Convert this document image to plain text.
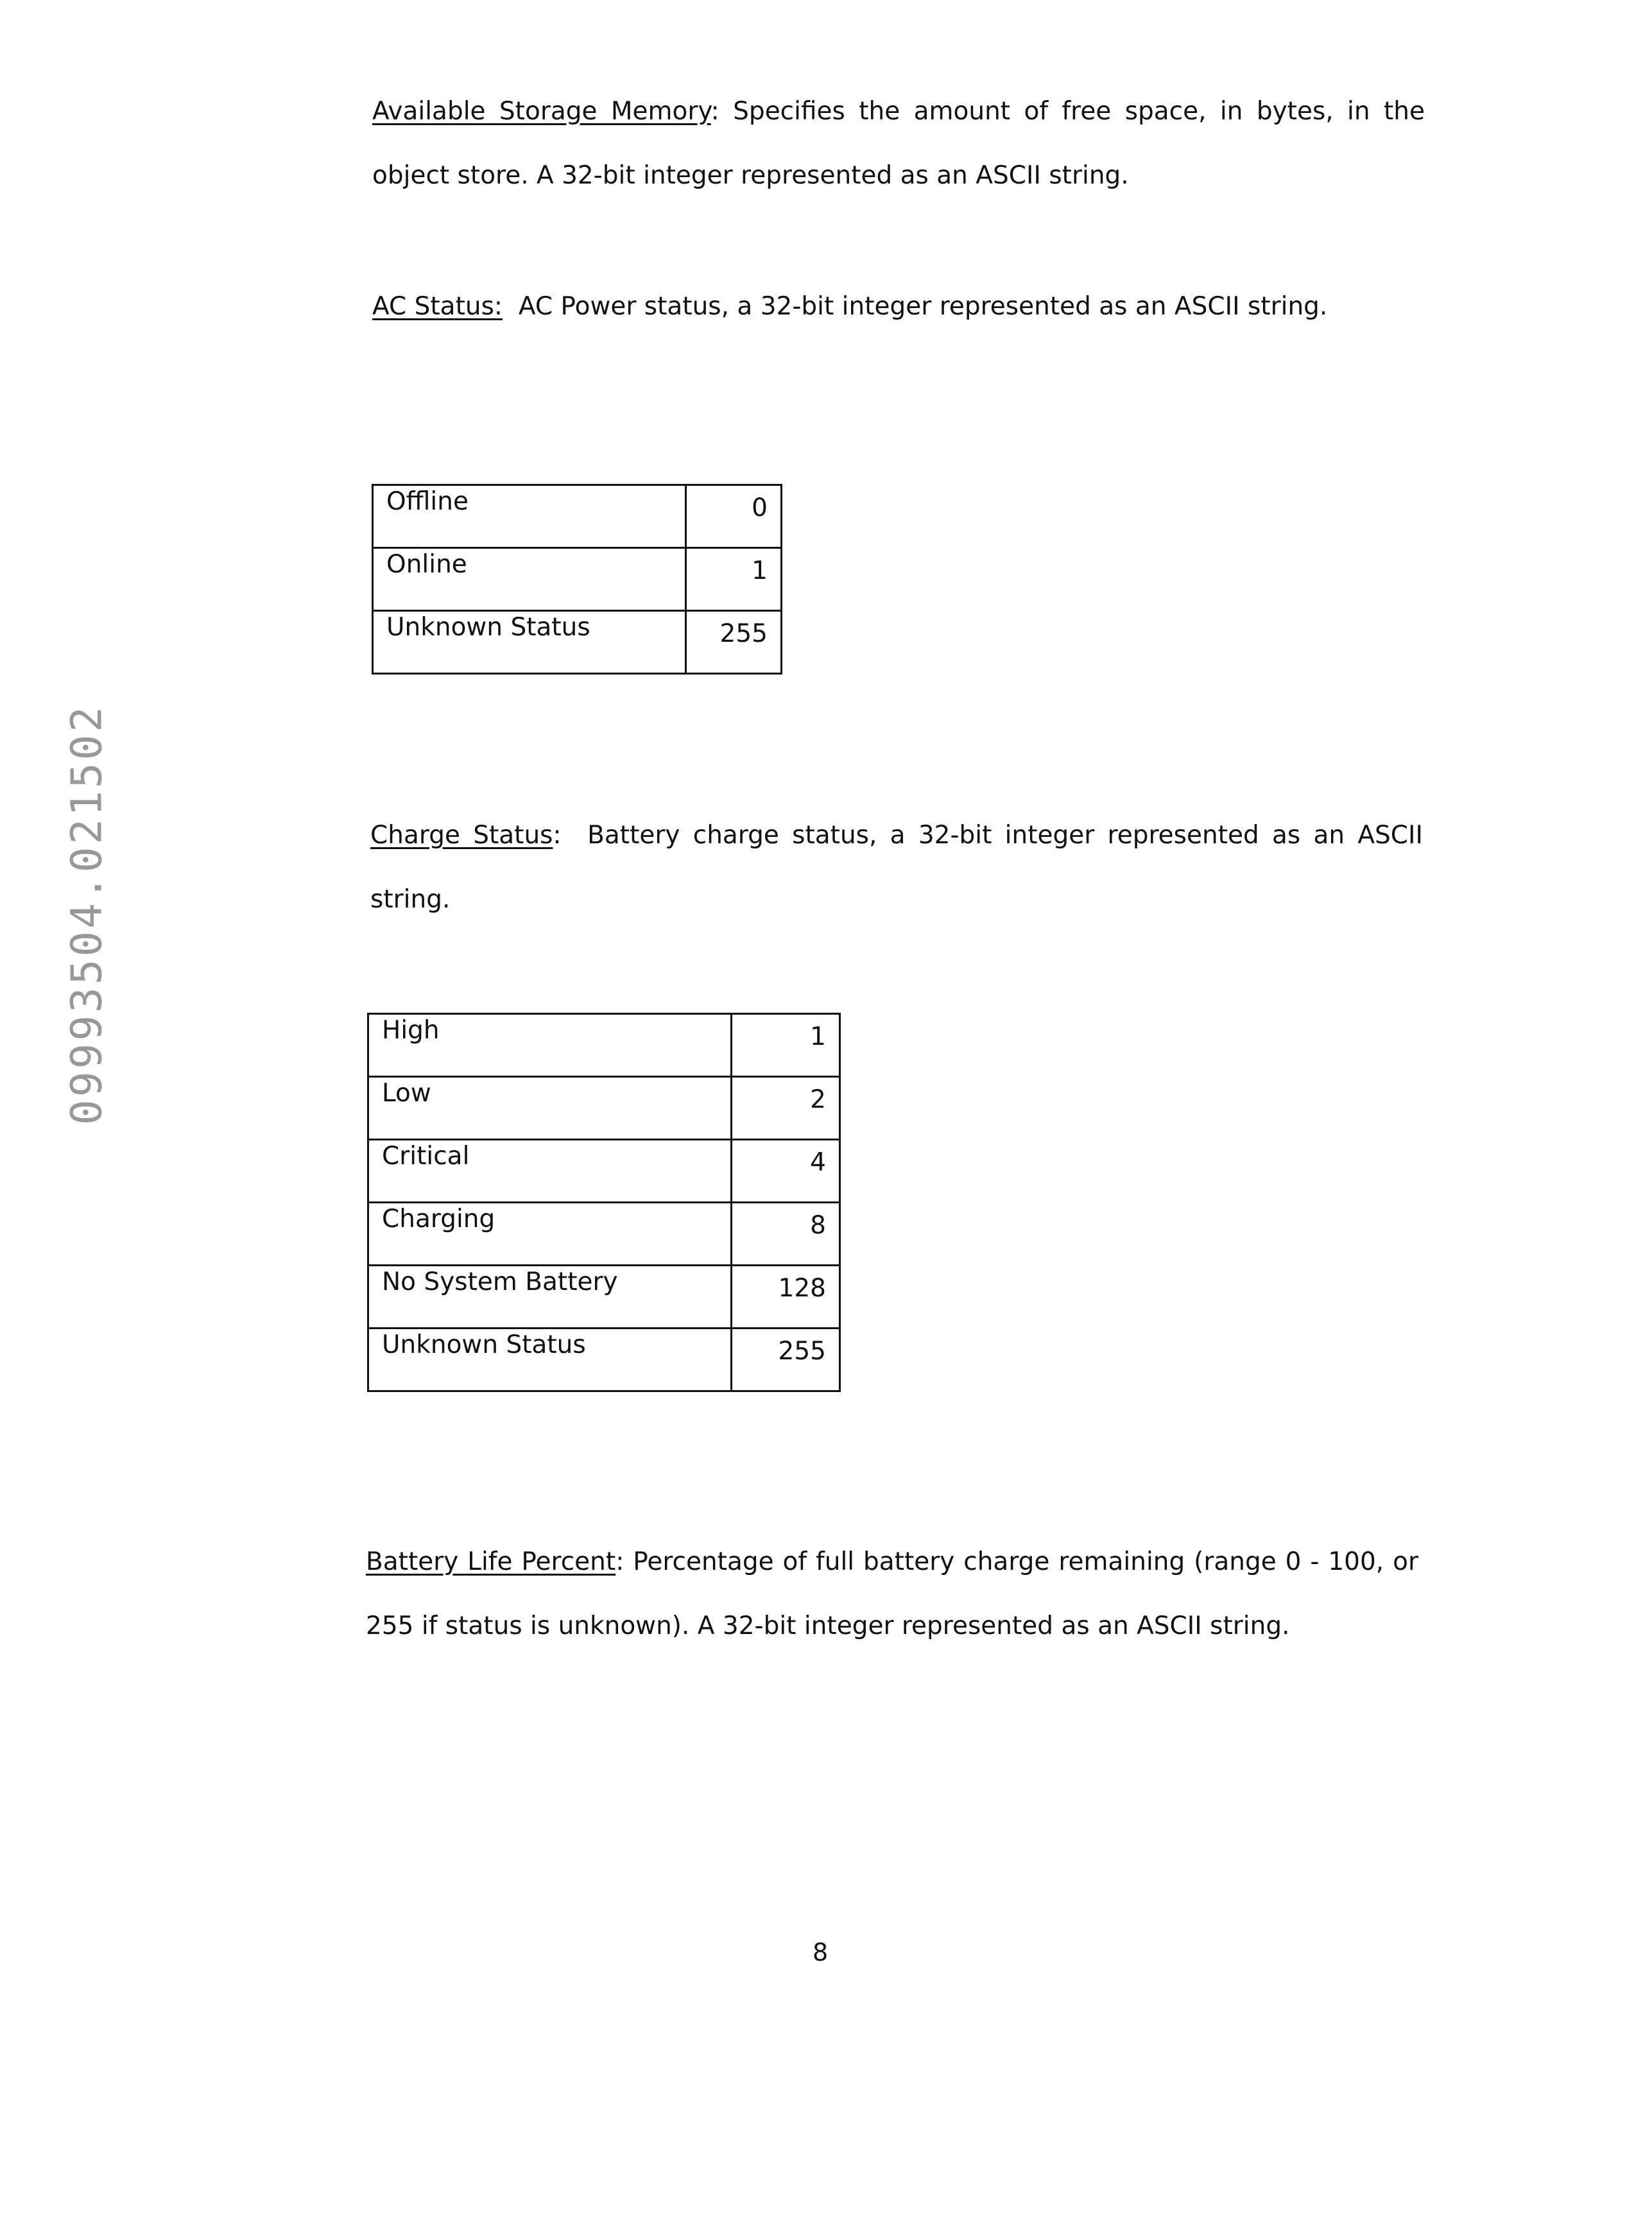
09993504.021502
Available Storage Memory: Specifies the amount of free space, in bytes, in the object store. A 32-bit integer represented as an ASCII string.
AC Status:  AC Power status, a 32-bit integer represented as an ASCII string.
Offline	0
Online	1
Unknown Status	255
Charge Status:  Battery charge status, a 32-bit integer represented as an ASCII string.
High	1
Low	2
Critical	4
Charging	8
No System Battery	128
Unknown Status	255
Battery Life Percent: Percentage of full battery charge remaining (range 0 - 100, or 255 if status is unknown). A 32-bit integer represented as an ASCII string.
8
